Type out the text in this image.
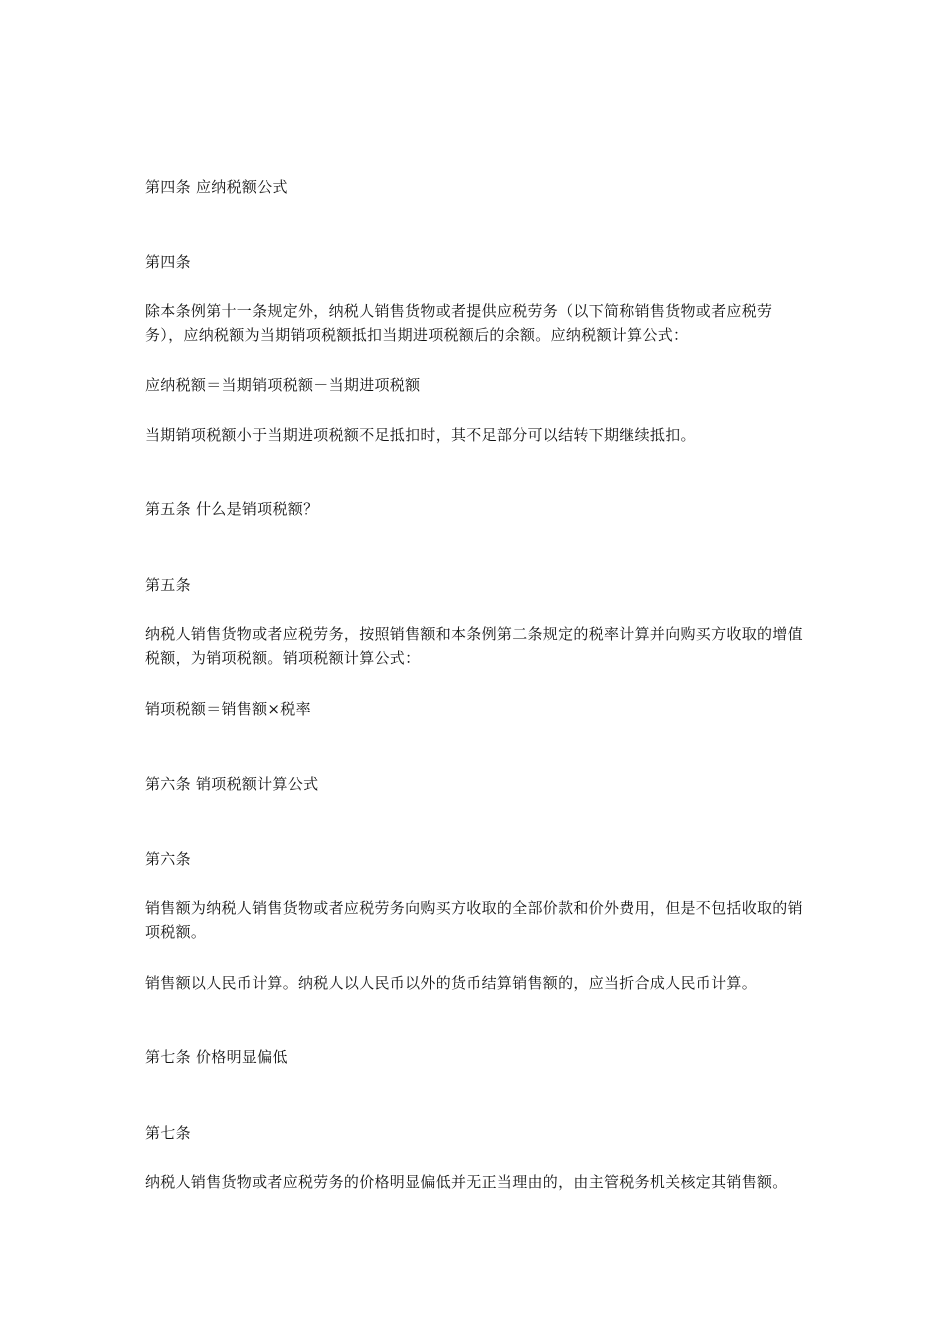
第四条 应纳税额公式

第四条

除本条例第十一条规定外，纳税人销售货物或者提供应税劳务（以下简称销售货物或者应税劳务），应纳税额为当期销项税额抵扣当期进项税额后的余额。应纳税额计算公式：

应纳税额＝当期销项税额－当期进项税额

当期销项税额小于当期进项税额不足抵扣时，其不足部分可以结转下期继续抵扣。

第五条 什么是销项税额？

第五条

纳税人销售货物或者应税劳务，按照销售额和本条例第二条规定的税率计算并向购买方收取的增值税额，为销项税额。销项税额计算公式：

销项税额＝销售额×税率

第六条 销项税额计算公式

第六条

销售额为纳税人销售货物或者应税劳务向购买方收取的全部价款和价外费用，但是不包括收取的销项税额。

销售额以人民币计算。纳税人以人民币以外的货币结算销售额的，应当折合成人民币计算。

第七条 价格明显偏低

第七条

纳税人销售货物或者应税劳务的价格明显偏低并无正当理由的，由主管税务机关核定其销售额。
